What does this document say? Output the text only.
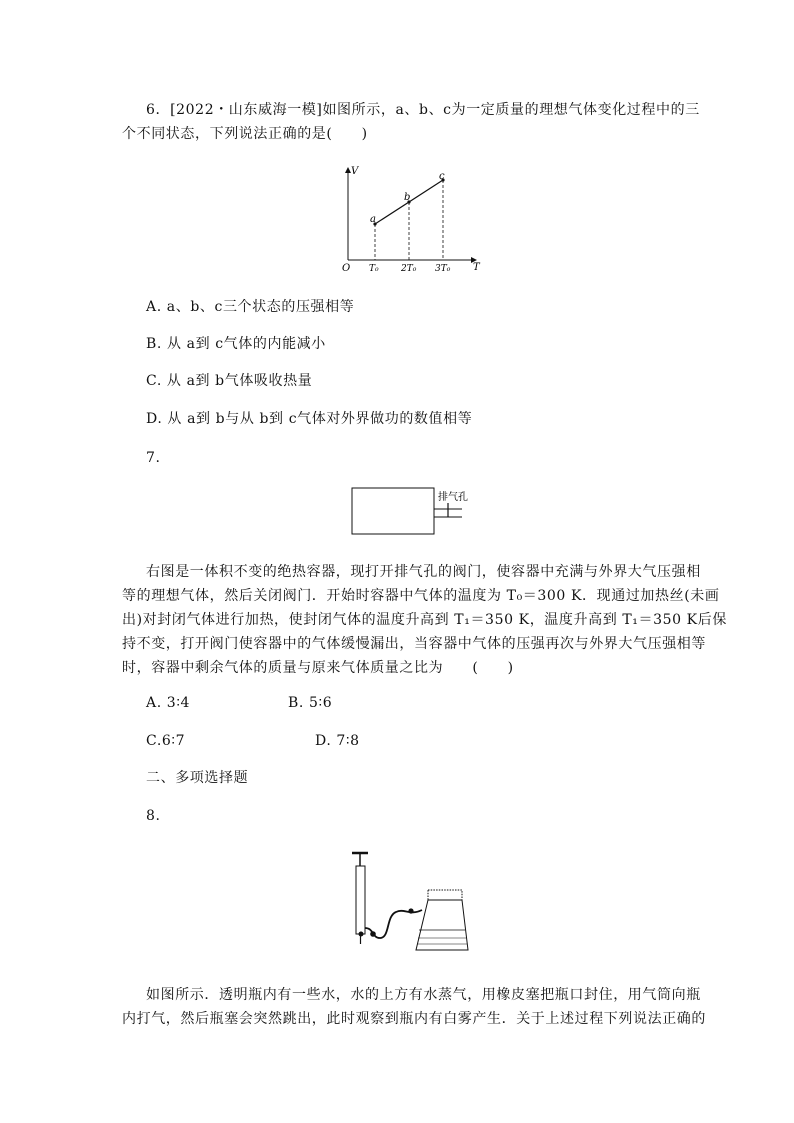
6．[2022・山东威海一模]如图所示，a、b、c为一定质量的理想气体变化过程中的三
个不同状态，下列说法正确的是(　　)
V
T
O
a
b
c
T₀ 2T₀ 3T₀
A. a、b、c三个状态的压强相等
B. 从 a到 c气体的内能减小
C. 从 a到 b气体吸收热量
D. 从 a到 b与从 b到 c气体对外界做功的数值相等
7.
排气孔
右图是一体积不变的绝热容器，现打开排气孔的阀门，使容器中充满与外界大气压强相
等的理想气体，然后关闭阀门．开始时容器中气体的温度为 T₀＝300 K．现通过加热丝(未画
出)对封闭气体进行加热，使封闭气体的温度升高到 T₁＝350 K，温度升高到 T₁＝350 K后保
持不变，打开阀门使容器中的气体缓慢漏出，当容器中气体的压强再次与外界大气压强相等
时，容器中剩余气体的质量与原来气体质量之比为　　(　　)
A. 3∶4	B. 5∶6
C.6∶7	D. 7∶8
二、多项选择题
8.
如图所示．透明瓶内有一些水，水的上方有水蒸气，用橡皮塞把瓶口封住，用气筒向瓶
内打气，然后瓶塞会突然跳出，此时观察到瓶内有白雾产生．关于上述过程下列说法正确的
